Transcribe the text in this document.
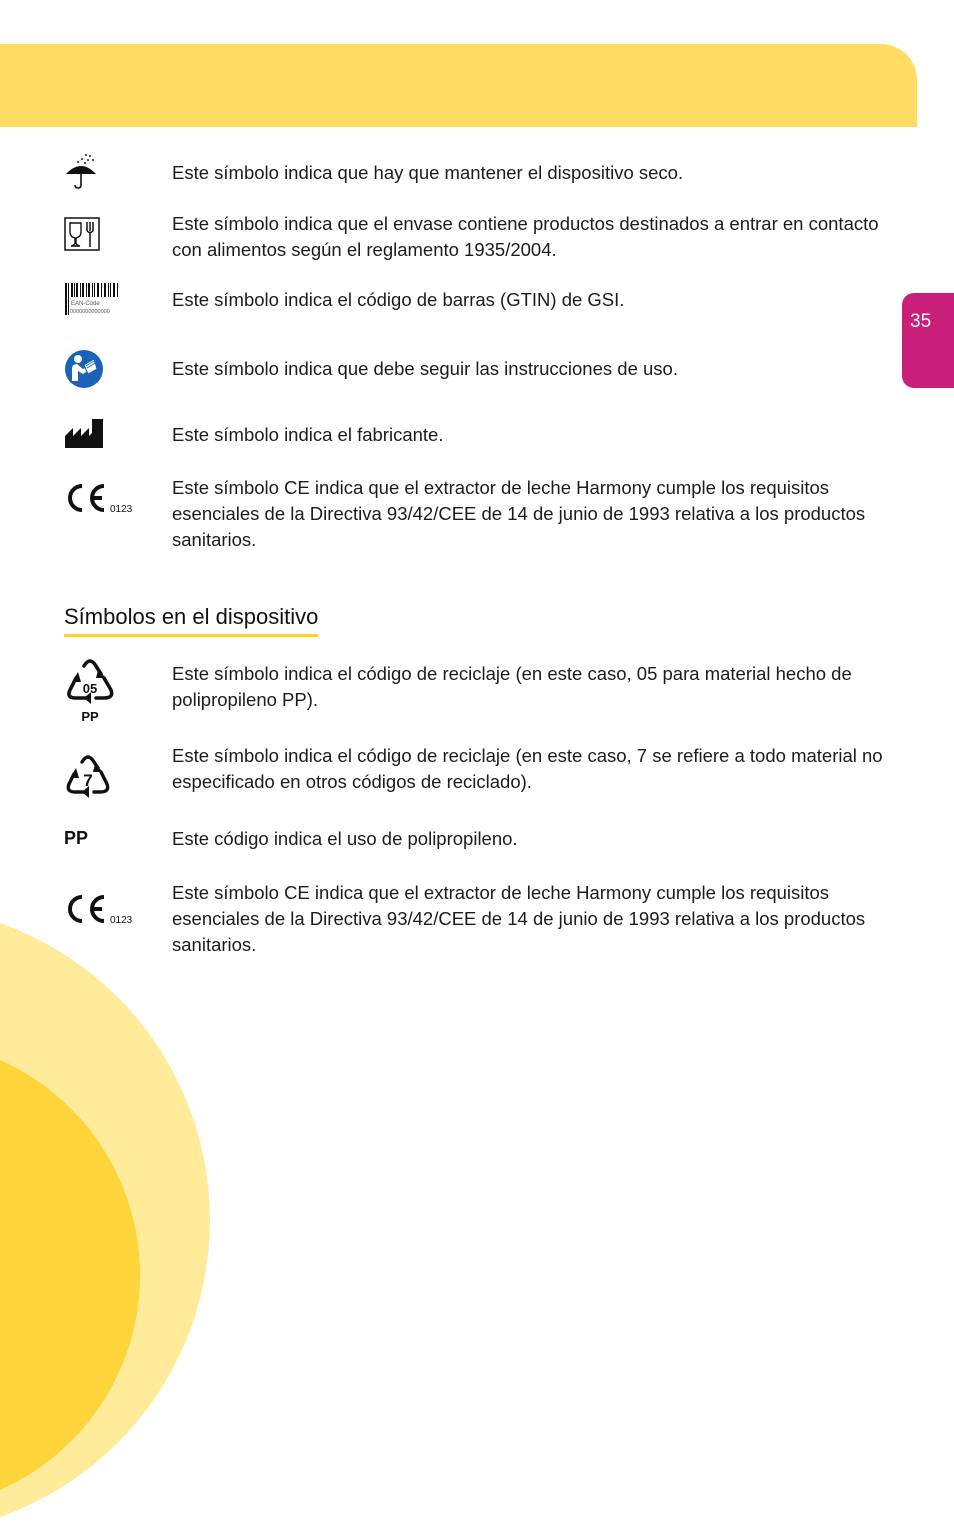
35
Este símbolo indica que hay que mantener el dispositivo seco.
Este símbolo indica que el envase contiene productos destinados a entrar en contacto con alimentos según el reglamento 1935/2004.
EAN-Code
0000000000000
Este símbolo indica el código de barras (GTIN) de GSI.
Este símbolo indica que debe seguir las instrucciones de uso.
Este símbolo indica el fabricante.
0123
Este símbolo CE indica que el extractor de leche Harmony cumple los requisitos esenciales de la Directiva 93/42/CEE de 14 de junio de 1993 relativa a los productos sanitarios.
Símbolos en el dispositivo
05
PP
Este símbolo indica el código de reciclaje (en este caso, 05 para material hecho de polipropileno PP).
7
Este símbolo indica el código de reciclaje (en este caso, 7 se refiere a todo material no especificado en otros códigos de reciclado).
PP	Este código indica el uso de polipropileno.
0123
Este símbolo CE indica que el extractor de leche Harmony cumple los requisitos esenciales de la Directiva 93/42/CEE de 14 de junio de 1993 relativa a los productos sanitarios.
